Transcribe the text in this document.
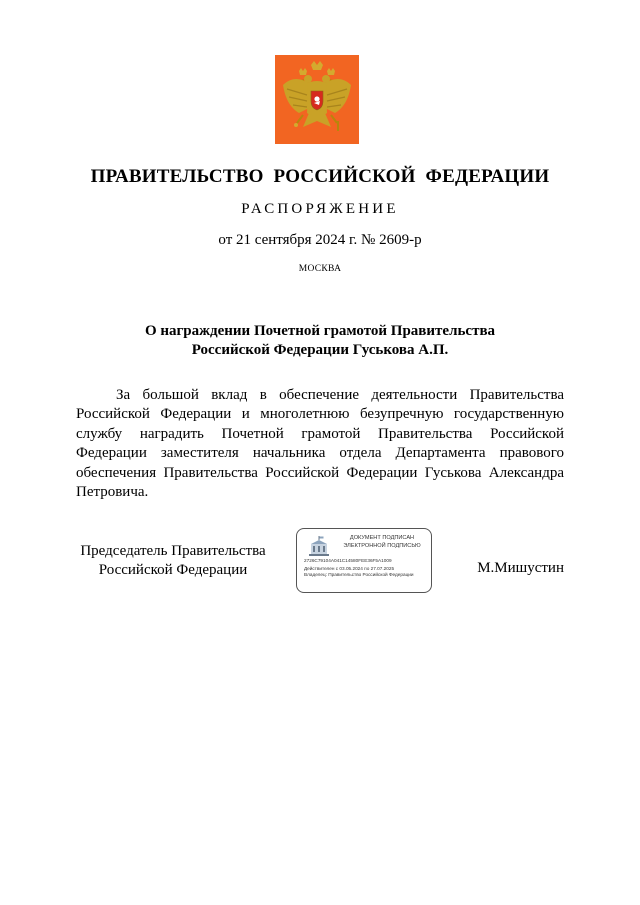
ПРАВИТЕЛЬСТВО РОССИЙСКОЙ ФЕДЕРАЦИИ
РАСПОРЯЖЕНИЕ
от 21 сентября 2024 г. № 2609-р
МОСКВА
О награждении Почетной грамотой Правительства
Российской Федерации Гуськова А.П.

За большой вклад в обеспечение деятельности Правительства Российской Федерации и многолетнюю безупречную государственную службу наградить Почетной грамотой Правительства Российской Федерации заместителя начальника отдела Департамента правового обеспечения Правительства Российской Федерации Гуськова Александра Петровича.

Председатель Правительства
Российской Федерации
ДОКУМЕНТ ПОДПИСАН
ЭЛЕКТРОННОЙ ПОДПИСЬЮ
2726C79104A041C14580FEE36F5A1009
Действителен с 03.05.2024 по 27.07.2025
Владелец: Правительство Российской Федерации	М.Мишустин
